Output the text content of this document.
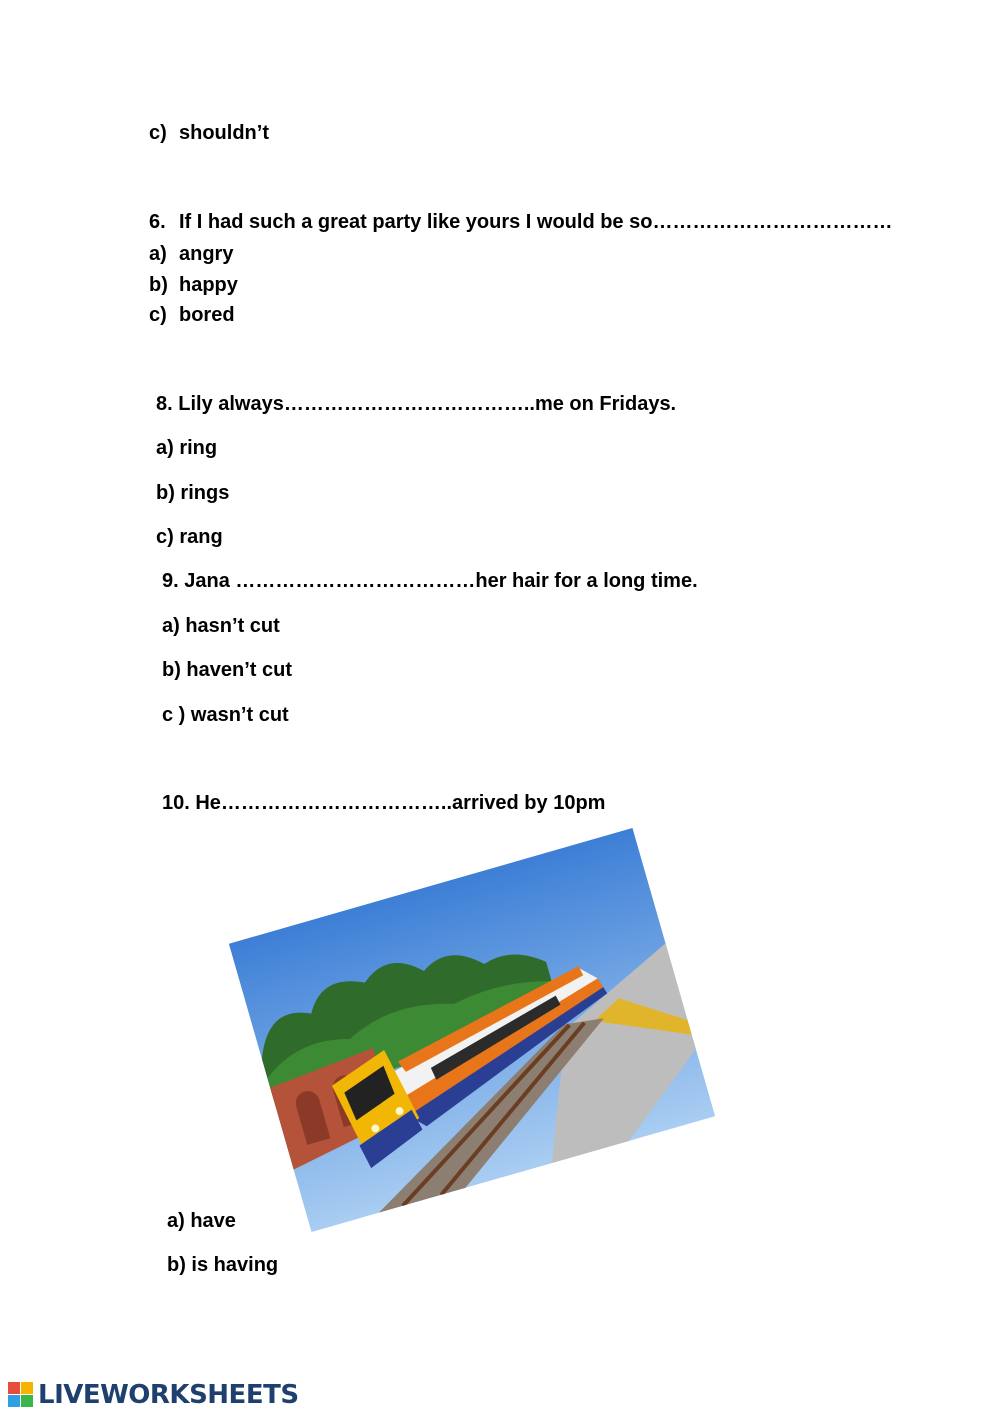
c) shouldn’t
6. If I had such a great party like yours I would be so………………………………
a) angry
b) happy
c) bored
8. Lily always………………………………..me on Fridays.
a) ring
b) rings
c) rang
9. Jana ………………………………her hair for a long time.
a) hasn’t cut
b) haven’t cut
c ) wasn’t cut
10. He……………………………..arrived by 10pm
a) have
b) is having
LIVEWORKSHEETS
